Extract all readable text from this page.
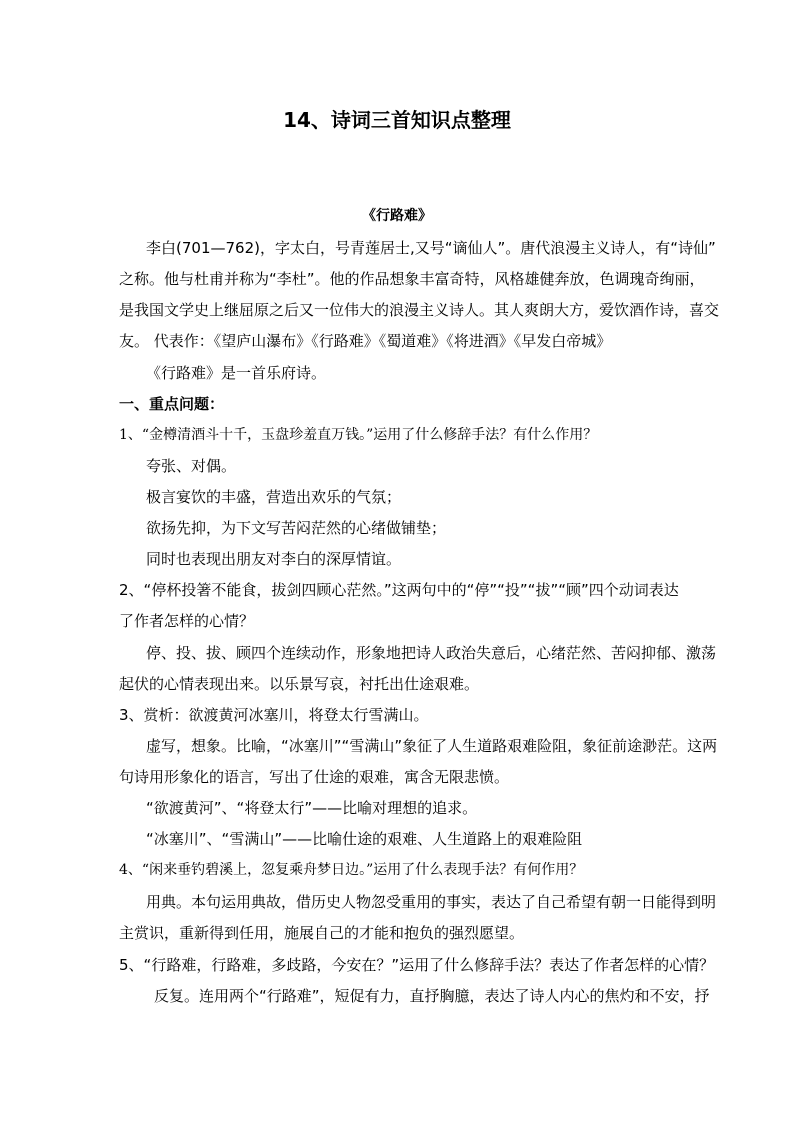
14、诗词三首知识点整理
《行路难》
李白(701—762)，字太白，号青莲居士,又号“谪仙人”。唐代浪漫主义诗人，有“诗仙”
之称。他与杜甫并称为“李杜”。他的作品想象丰富奇特，风格雄健奔放，色调瑰奇绚丽，
是我国文学史上继屈原之后又一位伟大的浪漫主义诗人。其人爽朗大方，爱饮酒作诗，喜交
友。 代表作：《望庐山瀑布》《行路难》《蜀道难》《将进酒》《早发白帝城》
《行路难》是一首乐府诗。
一、重点问题：
1、“金樽清酒斗十千，玉盘珍羞直万钱。”运用了什么修辞手法？有什么作用？
夸张、对偶。
极言宴饮的丰盛，营造出欢乐的气氛；
欲扬先抑，为下文写苦闷茫然的心绪做铺垫；
同时也表现出朋友对李白的深厚情谊。
2、“停杯投箸不能食，拔剑四顾心茫然。”这两句中的“停”“投”“拔”“顾”四个动词表达
了作者怎样的心情？
停、投、拔、顾四个连续动作，形象地把诗人政治失意后，心绪茫然、苦闷抑郁、激荡
起伏的心情表现出来。以乐景写哀，衬托出仕途艰难。
3、赏析：欲渡黄河冰塞川，将登太行雪满山。
虚写，想象。比喻，“冰塞川”“雪满山”象征了人生道路艰难险阻，象征前途渺茫。这两
句诗用形象化的语言，写出了仕途的艰难，寓含无限悲愤。
“欲渡黄河”、“将登太行”——比喻对理想的追求。
“冰塞川”、“雪满山”——比喻仕途的艰难、人生道路上的艰难险阻
4、“闲来垂钓碧溪上，忽复乘舟梦日边。”运用了什么表现手法？有何作用？
用典。本句运用典故，借历史人物忽受重用的事实，表达了自己希望有朝一日能得到明
主赏识，重新得到任用，施展自己的才能和抱负的强烈愿望。
5、“行路难，行路难，多歧路，今安在？”运用了什么修辞手法？表达了作者怎样的心情？
反复。连用两个“行路难”，短促有力，直抒胸臆，表达了诗人内心的焦灼和不安，抒
